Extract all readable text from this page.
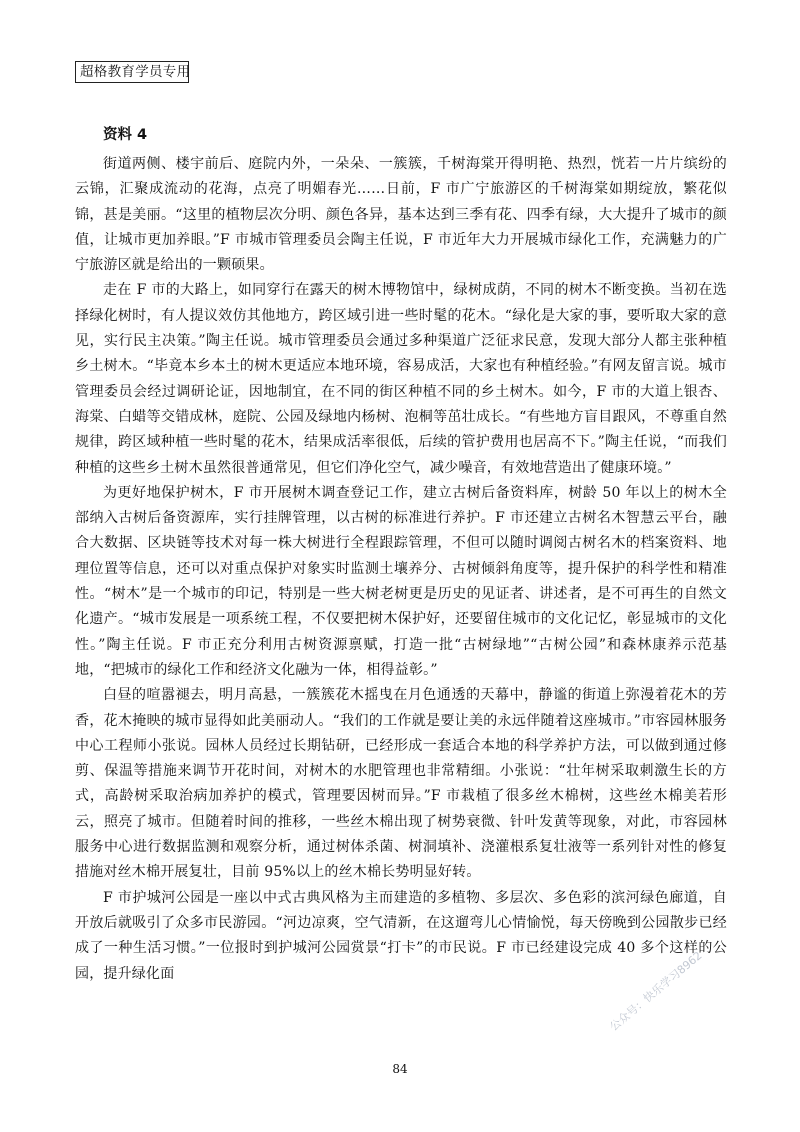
超格教育学员专用
资料 4

街道两侧、楼宇前后、庭院内外，一朵朵、一簇簇，千树海棠开得明艳、热烈，恍若一片片缤纷的云锦，汇聚成流动的花海，点亮了明媚春光……日前，F 市广宁旅游区的千树海棠如期绽放，繁花似锦，甚是美丽。“这里的植物层次分明、颜色各异，基本达到三季有花、四季有绿，大大提升了城市的颜值，让城市更加养眼。”F 市城市管理委员会陶主任说，F 市近年大力开展城市绿化工作，充满魅力的广宁旅游区就是给出的一颗硕果。

走在 F 市的大路上，如同穿行在露天的树木博物馆中，绿树成荫，不同的树木不断变换。当初在选择绿化树时，有人提议效仿其他地方，跨区域引进一些时髦的花木。“绿化是大家的事，要听取大家的意见，实行民主决策。”陶主任说。城市管理委员会通过多种渠道广泛征求民意，发现大部分人都主张种植乡土树木。“毕竟本乡本土的树木更适应本地环境，容易成活，大家也有种植经验。”有网友留言说。城市管理委员会经过调研论证，因地制宜，在不同的街区种植不同的乡土树木。如今，F 市的大道上银杏、海棠、白蜡等交错成林，庭院、公园及绿地内杨树、泡桐等茁壮成长。“有些地方盲目跟风，不尊重自然规律，跨区域种植一些时髦的花木，结果成活率很低，后续的管护费用也居高不下。”陶主任说，“而我们种植的这些乡土树木虽然很普通常见，但它们净化空气，减少噪音，有效地营造出了健康环境。”

为更好地保护树木，F 市开展树木调查登记工作，建立古树后备资料库，树龄 50 年以上的树木全部纳入古树后备资源库，实行挂牌管理，以古树的标准进行养护。F 市还建立古树名木智慧云平台，融合大数据、区块链等技术对每一株大树进行全程跟踪管理，不但可以随时调阅古树名木的档案资料、地理位置等信息，还可以对重点保护对象实时监测土壤养分、古树倾斜角度等，提升保护的科学性和精准性。“树木”是一个城市的印记，特别是一些大树老树更是历史的见证者、讲述者，是不可再生的自然文化遗产。“城市发展是一项系统工程，不仅要把树木保护好，还要留住城市的文化记忆，彰显城市的文化性。”陶主任说。F 市正充分利用古树资源禀赋，打造一批“古树绿地”“古树公园”和森林康养示范基地，“把城市的绿化工作和经济文化融为一体，相得益彰。”

白昼的喧嚣褪去，明月高悬，一簇簇花木摇曳在月色通透的天幕中，静谧的街道上弥漫着花木的芳香，花木掩映的城市显得如此美丽动人。“我们的工作就是要让美的永远伴随着这座城市。”市容园林服务中心工程师小张说。园林人员经过长期钻研，已经形成一套适合本地的科学养护方法，可以做到通过修剪、保温等措施来调节开花时间，对树木的水肥管理也非常精细。小张说：“壮年树采取刺激生长的方式，高龄树采取治病加养护的模式，管理要因树而异。”F 市栽植了很多丝木棉树，这些丝木棉美若形云，照亮了城市。但随着时间的推移，一些丝木棉出现了树势衰微、针叶发黄等现象，对此，市容园林服务中心进行数据监测和观察分析，通过树体杀菌、树洞填补、浇灌根系复壮液等一系列针对性的修复措施对丝木棉开展复壮，目前 95%以上的丝木棉长势明显好转。

F 市护城河公园是一座以中式古典风格为主而建造的多植物、多层次、多色彩的滨河绿色廊道，自开放后就吸引了众多市民游园。“河边凉爽，空气清新，在这遛弯儿心情愉悦，每天傍晚到公园散步已经成了一种生活习惯。”一位报时到护城河公园赏景“打卡”的市民说。F 市已经建设完成 40 多个这样的公园，提升绿化面	公众号：快乐学习8962
84
